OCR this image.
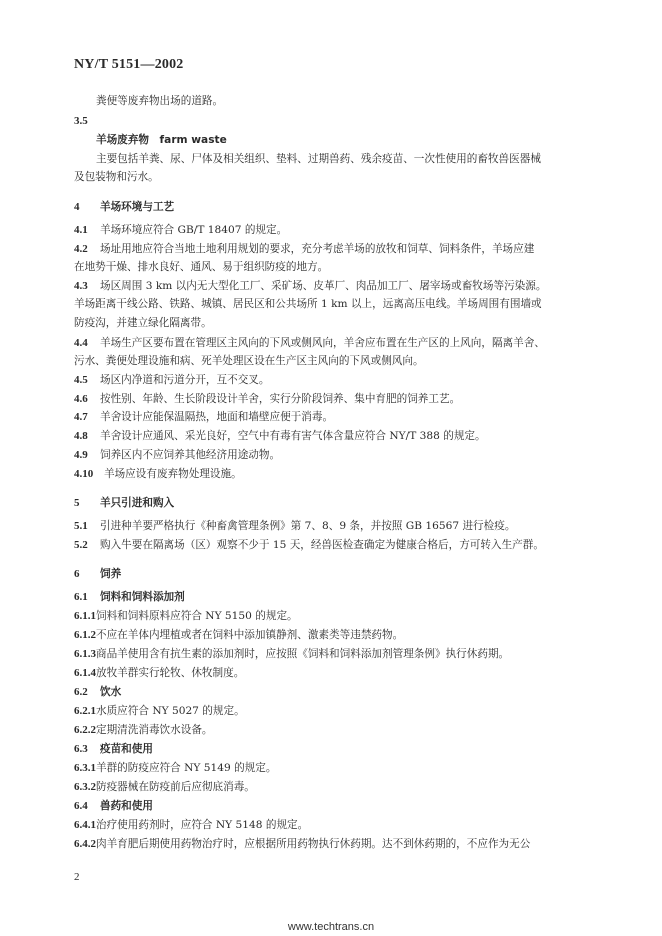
NY/T 5151—2002
粪便等废弃物出场的道路。
3.5
羊场废弃物　farm waste
主要包括羊粪、尿、尸体及相关组织、垫料、过期兽药、残余疫苗、一次性使用的畜牧兽医器械
及包装物和污水。
4 羊场环境与工艺
4.1 羊场环境应符合 GB/T 18407 的规定。
4.2 场址用地应符合当地土地利用规划的要求，充分考虑羊场的放牧和饲草、饲料条件，羊场应建
在地势干燥、排水良好、通风、易于组织防疫的地方。
4.3 场区周围 3 km 以内无大型化工厂、采矿场、皮革厂、肉品加工厂、屠宰场或畜牧场等污染源。
羊场距离干线公路、铁路、城镇、居民区和公共场所 1 km 以上，远离高压电线。羊场周围有围墙或
防疫沟，并建立绿化隔离带。
4.4 羊场生产区要布置在管理区主风向的下风或侧风向，羊舍应布置在生产区的上风向，隔离羊舍、
污水、粪便处理设施和病、死羊处理区设在生产区主风向的下风或侧风向。
4.5 场区内净道和污道分开，互不交叉。
4.6 按性别、年龄、生长阶段设计羊舍，实行分阶段饲养、集中育肥的饲养工艺。
4.7 羊舍设计应能保温隔热，地面和墙壁应便于消毒。
4.8 羊舍设计应通风、采光良好，空气中有毒有害气体含量应符合 NY/T 388 的规定。
4.9 饲养区内不应饲养其他经济用途动物。
4.10 羊场应设有废弃物处理设施。
5 羊只引进和购入
5.1 引进种羊要严格执行《种畜禽管理条例》第 7、8、9 条，并按照 GB 16567 进行检疫。
5.2 购入牛要在隔离场（区）观察不少于 15 天，经兽医检查确定为健康合格后，方可转入生产群。
6 饲养
6.1 饲料和饲料添加剂
6.1.1 饲料和饲料原料应符合 NY 5150 的规定。
6.1.2 不应在羊体内埋植或者在饲料中添加镇静剂、激素类等违禁药物。
6.1.3 商品羊使用含有抗生素的添加剂时，应按照《饲料和饲料添加剂管理条例》执行休药期。
6.1.4 放牧羊群实行轮牧、休牧制度。
6.2 饮水
6.2.1 水质应符合 NY 5027 的规定。
6.2.2 定期清洗消毒饮水设备。
6.3 疫苗和使用
6.3.1 羊群的防疫应符合 NY 5149 的规定。
6.3.2 防疫器械在防疫前后应彻底消毒。
6.4 兽药和使用
6.4.1 治疗使用药剂时，应符合 NY 5148 的规定。
6.4.2 肉羊育肥后期使用药物治疗时，应根据所用药物执行休药期。达不到休药期的，不应作为无公
2
www.techtrans.cn
